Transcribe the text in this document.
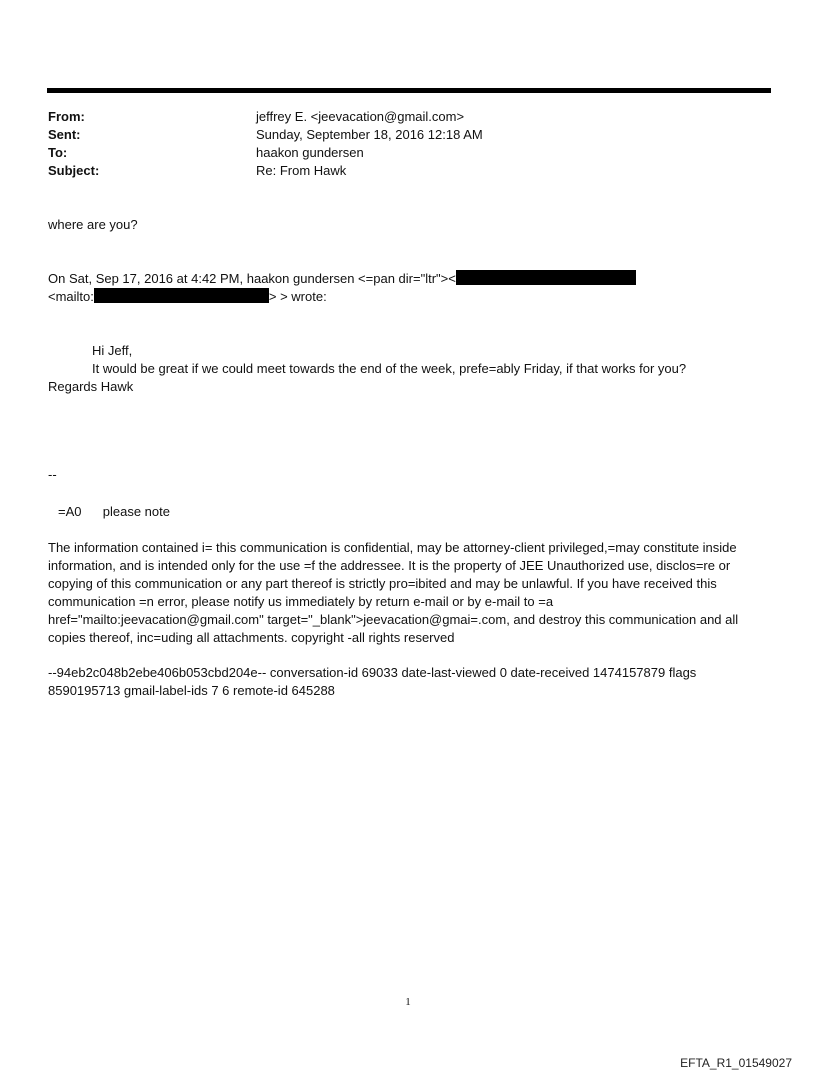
From:	jeffrey E. <jeevacation@gmail.com>
Sent:	Sunday, September 18, 2016 12:18 AM
To:	haakon gundersen
Subject:	Re: From Hawk

where are you?

On Sat, Sep 17, 2016 at 4:42 PM, haakon gundersen <=pan dir="ltr"><
<mailto:	> > wrote:
Hi Jeff,
It would be great if we could meet towards the end of the week, prefe=ably Friday, if that works for you?
Regards Hawk

--

=A0 please note

The information contained i= this communication is confidential, may be attorney-client privileged,=may constitute inside information, and is intended only for the use =f the addressee. It is the property of JEE Unauthorized use, disclos=re or copying of this communication or any part thereof is strictly pro=ibited and may be unlawful. If you have received this communication =n error, please notify us immediately by return e-mail or by e-mail to =a href="mailto:jeevacation@gmail.com" target="_blank">jeevacation@gmai=.com, and destroy this communication and all copies thereof, inc=uding all attachments. copyright -all rights reserved

--94eb2c048b2ebe406b053cbd204e-- conversation-id 69033 date-last-viewed 0 date-received 1474157879 flags 8590195713 gmail-label-ids 7 6 remote-id 645288

1
EFTA_R1_01549027
